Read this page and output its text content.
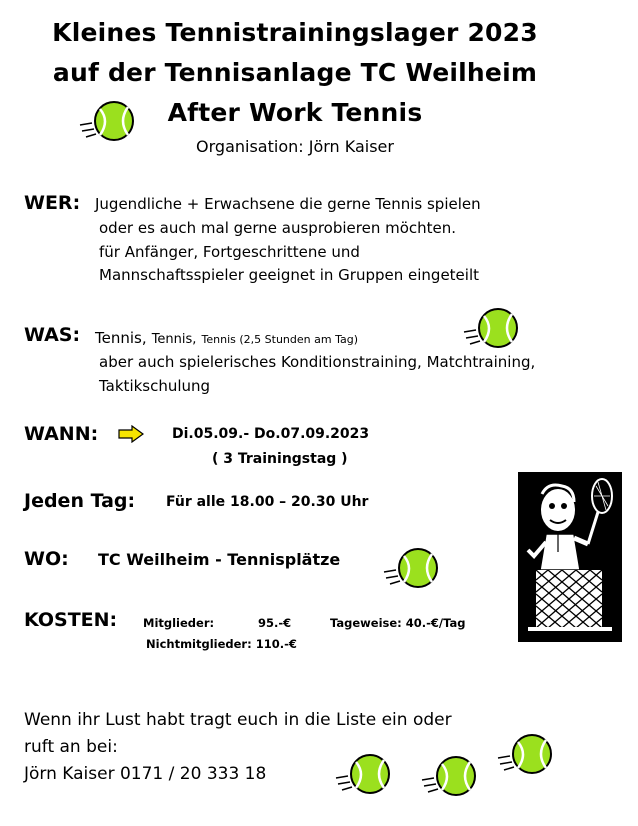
Kleines Tennistrainingslager 2023
auf der Tennisanlage TC Weilheim
After Work Tennis
Organisation: Jörn Kaiser
WER: Jugendliche + Erwachsene die gerne Tennis spielen
oder es auch mal gerne ausprobieren möchten.
für Anfänger, Fortgeschrittene und
Mannschaftsspieler geeignet in Gruppen eingeteilt
WAS: Tennis, Tennis, Tennis (2,5 Stunden am Tag)
aber auch spielerisches Konditionstraining, Matchtraining,
Taktikschulung
WANN:	Di.05.09.- Do.07.09.2023
( 3 Trainingstag )
Jeden Tag: Für alle 18.00 – 20.30 Uhr
WO: TC Weilheim - Tennisplätze
KOSTEN: Mitglieder:	95.-€	Tageweise: 40.-€/Tag
Nichtmitglieder: 110.-€
Wenn ihr Lust habt tragt euch in die Liste ein oder
ruft an bei:
Jörn Kaiser 0171 / 20 333 18
